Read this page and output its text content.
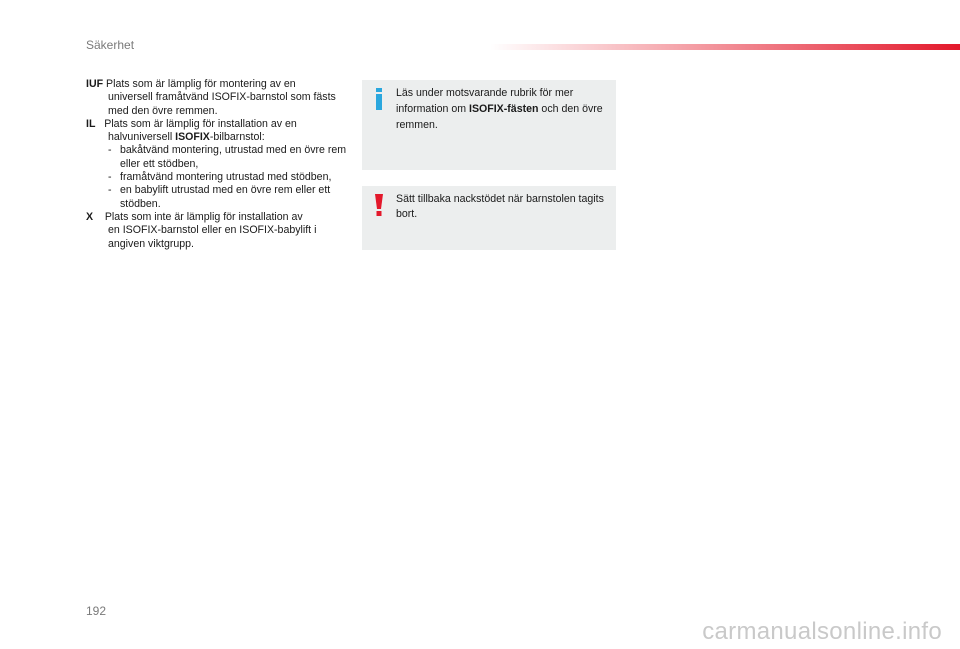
Säkerhet
IUF Plats som är lämplig för montering av en
universell framåtvänd ISOFIX-barnstol som fästs med den övre remmen.
IL   Plats som är lämplig för installation av en
halvuniversell ISOFIX-bilbarnstol:
- bakåtvänd montering, utrustad med en övre rem eller ett stödben,
- framåtvänd montering utrustad med stödben,
- en babylift utrustad med en övre rem eller ett stödben.
X    Plats som inte är lämplig för installation av
en ISOFIX-barnstol eller en ISOFIX-babylift i angiven viktgrupp.
Läs under motsvarande rubrik för mer information om ISOFIX-fästen och den övre remmen.
Sätt tillbaka nackstödet när barnstolen tagits bort.
192
carmanualsonline.info
